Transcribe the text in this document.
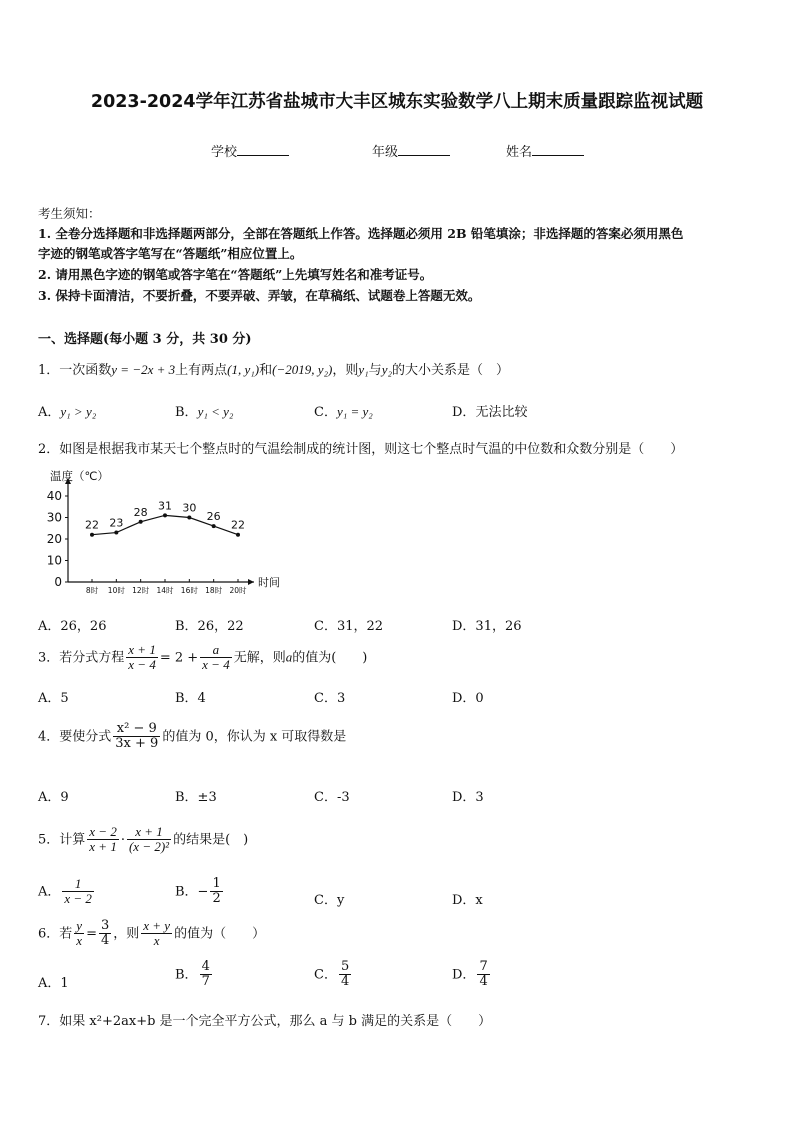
2023-2024学年江苏省盐城市大丰区城东实验数学八上期末质量跟踪监视试题
学校	年级	姓名
考生须知：
1. 全卷分选择题和非选择题两部分，全部在答题纸上作答。选择题必须用 2B 铅笔填涂；非选择题的答案必须用黑色
字迹的钢笔或答字笔写在“答题纸”相应位置上。
2. 请用黑色字迹的钢笔或答字笔在“答题纸”上先填写姓名和准考证号。
3. 保持卡面清洁，不要折叠，不要弄破、弄皱，在草稿纸、试题卷上答题无效。
一、选择题(每小题 3 分，共 30 分)
1．一次函数y = −2x + 3上有两点(1, y₁)和(−2019, y₂)，则y₁与y₂的大小关系是（　）
A．y₁ > y₂	B．y₁ < y₂	C．y₁ = y₂	D．无法比较
2．如图是根据我市某天七个整点时的气温绘制成的统计图，则这七个整点时气温的中位数和众数分别是（　　）
温度（℃）
时间
0
10
20
30
40
8时 10时 12时 14时 16时 18时 20时
22 23
28 31 30
26
22
A．26，26	B．26，22	C．31，22	D．31，26
3．若分式方程 $\frac{x + 1}{x - 4} = 2 + \frac{a}{x - 4}$ 无解，则a的值为(　　)
A．5	B．4	C．3	D．0
4．要使分式 $\frac{\text{x² − 9}}{3x + 9}$ 的值为 0，你认为 x 可取得数是
A．9	B．±3	C．-3	D．3
5．计算 $\frac{x - 2}{x + 1} \cdot \frac{x + 1}{\text{(x − 2)²}}$ 的结果是(　)
A． $\frac{1}{x - 2}$	B．− $\frac{1}{2}$	C．y	D．x
6．若 $\frac{y}{x} = \frac{3}{4}$ ，则 $\frac{x + y}{x}$ 的值为（　　）
A．1
B． $\frac{4}{7}$	C． $\frac{5}{4}$	D． $\frac{7}{4}$
7．如果 x²+2ax+b 是一个完全平方公式，那么 a 与 b 满足的关系是（　　）
